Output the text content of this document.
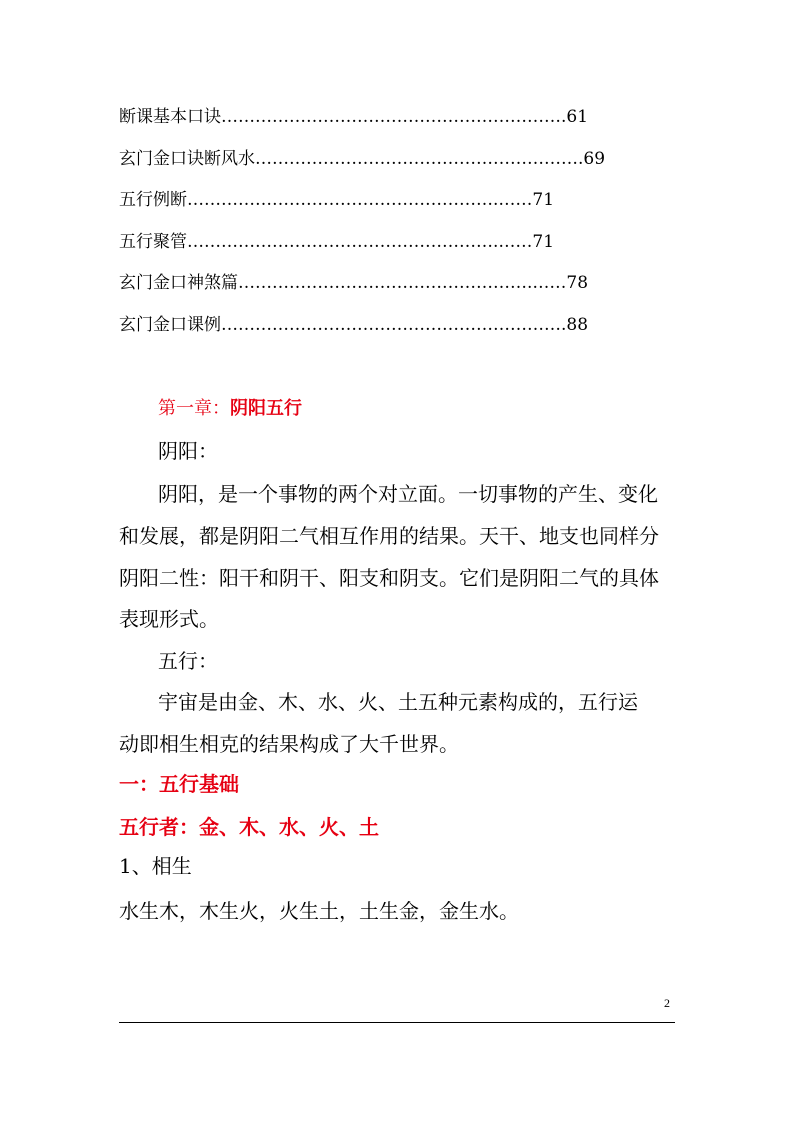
断课基本口诀…………………………………………………….61
玄门金口诀断风水………………………………………………….69
五行例断……………………………………………….……71
五行聚管……………………………………………….……71
玄门金口神煞篇…………………………………………….……78
玄门金口课例…………………………………………………….88
第一章：阴阳五行
阴阳：
阴阳，是一个事物的两个对立面。一切事物的产生、变化
和发展，都是阴阳二气相互作用的结果。天干、地支也同样分
阴阳二性：阳干和阴干、阳支和阴支。它们是阴阳二气的具体
表现形式。
五行：
宇宙是由金、木、水、火、土五种元素构成的，五行运
动即相生相克的结果构成了大千世界。
一：五行基础
五行者：金、木、水、火、土
1、相生
水生木，木生火，火生土，土生金，金生水。
2
